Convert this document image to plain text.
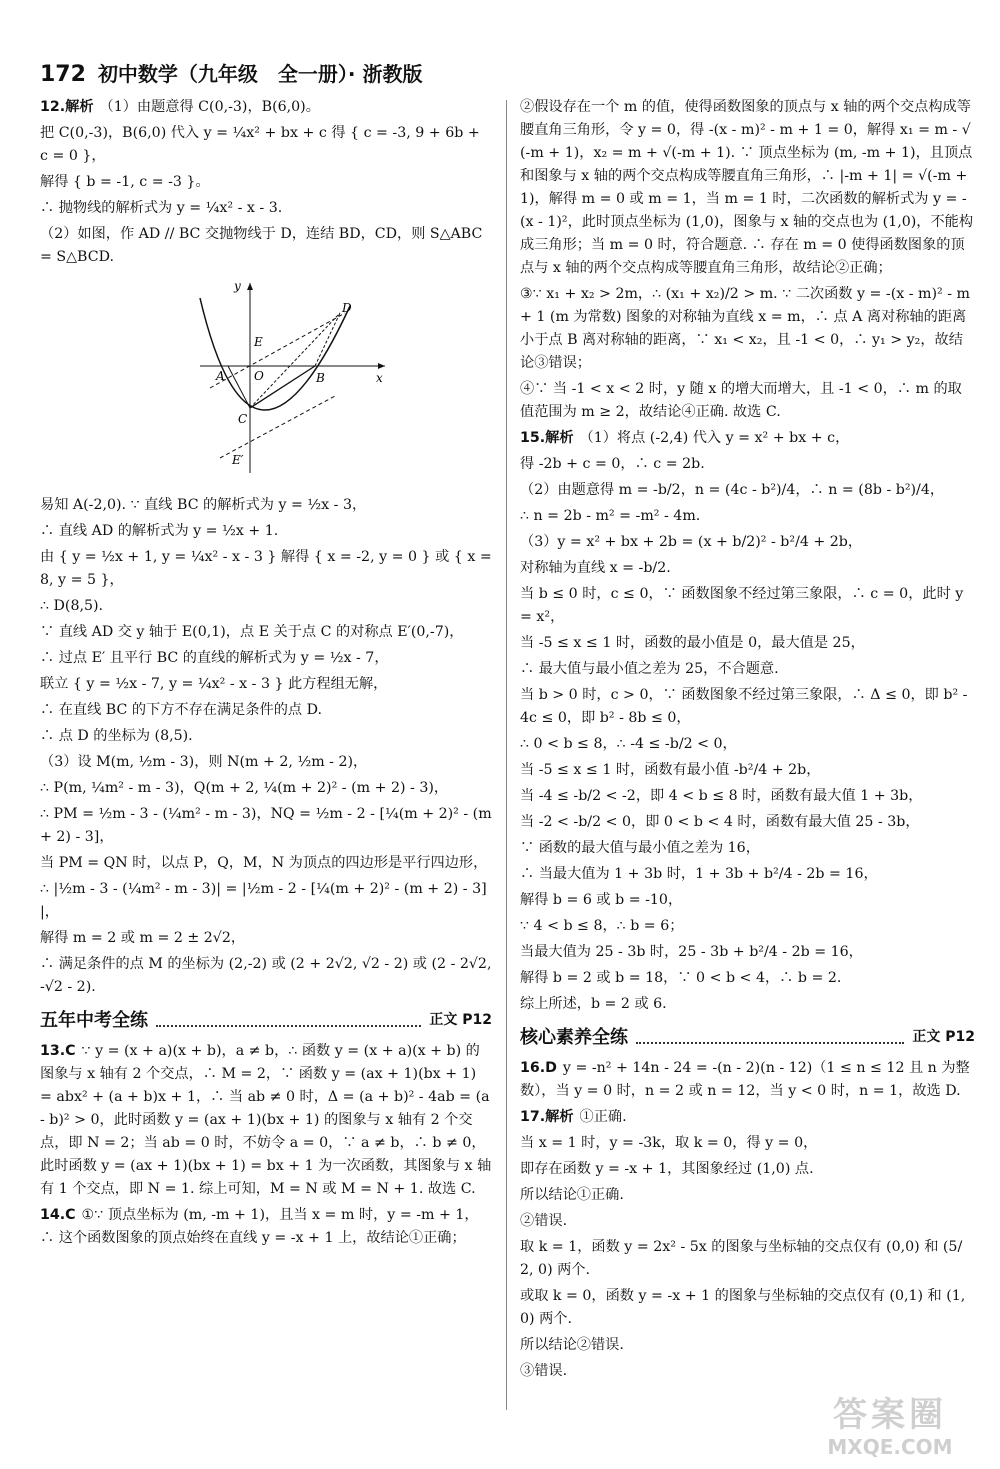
172 初中数学（九年级　全一册）· 浙教版

12.解析 （1）由题意得 C(0,-3)，B(6,0)。

把 C(0,-3)，B(6,0) 代入 y = ¼x² + bx + c 得 { c = -3, 9 + 6b + c = 0 }，

解得 { b = -1, c = -3 }。

∴ 抛物线的解析式为 y = ¼x² - x - 3.

（2）如图，作 AD // BC 交抛物线于 D，连结 BD，CD，则 S△ABC = S△BCD.

y
x
O
A	B
C
D
E
E′

易知 A(-2,0). ∵ 直线 BC 的解析式为 y = ½x - 3，

∴ 直线 AD 的解析式为 y = ½x + 1.

由 { y = ½x + 1, y = ¼x² - x - 3 } 解得 { x = -2, y = 0 } 或 { x = 8, y = 5 }，

∴ D(8,5).

∵ 直线 AD 交 y 轴于 E(0,1)，点 E 关于点 C 的对称点 E′(0,-7)，

∴ 过点 E′ 且平行 BC 的直线的解析式为 y = ½x - 7，

联立 { y = ½x - 7, y = ¼x² - x - 3 } 此方程组无解，

∴ 在直线 BC 的下方不存在满足条件的点 D.

∴ 点 D 的坐标为 (8,5).

（3）设 M(m, ½m - 3)，则 N(m + 2, ½m - 2)，

∴ P(m, ¼m² - m - 3)，Q(m + 2, ¼(m + 2)² - (m + 2) - 3)，

∴ PM = ½m - 3 - (¼m² - m - 3)，NQ = ½m - 2 - [¼(m + 2)² - (m + 2) - 3]，

当 PM = QN 时，以点 P，Q，M，N 为顶点的四边形是平行四边形，

∴ |½m - 3 - (¼m² - m - 3)| = |½m - 2 - [¼(m + 2)² - (m + 2) - 3]|，

解得 m = 2 或 m = 2 ± 2√2，

∴ 满足条件的点 M 的坐标为 (2,-2) 或 (2 + 2√2, √2 - 2) 或 (2 - 2√2, -√2 - 2).

五年中考全练	正文 P12

13.C ∵ y = (x + a)(x + b)，a ≠ b，∴ 函数 y = (x + a)(x + b) 的图象与 x 轴有 2 个交点，∴ M = 2，∵ 函数 y = (ax + 1)(bx + 1) = abx² + (a + b)x + 1，∴ 当 ab ≠ 0 时，Δ = (a + b)² - 4ab = (a - b)² > 0，此时函数 y = (ax + 1)(bx + 1) 的图象与 x 轴有 2 个交点，即 N = 2；当 ab = 0 时，不妨令 a = 0，∵ a ≠ b，∴ b ≠ 0，此时函数 y = (ax + 1)(bx + 1) = bx + 1 为一次函数，其图象与 x 轴有 1 个交点，即 N = 1. 综上可知，M = N 或 M = N + 1. 故选 C.

14.C ①∵ 顶点坐标为 (m, -m + 1)，且当 x = m 时，y = -m + 1，∴ 这个函数图象的顶点始终在直线 y = -x + 1 上，故结论①正确；

②假设存在一个 m 的值，使得函数图象的顶点与 x 轴的两个交点构成等腰直角三角形，令 y = 0，得 -(x - m)² - m + 1 = 0，解得 x₁ = m - √(-m + 1)，x₂ = m + √(-m + 1). ∵ 顶点坐标为 (m, -m + 1)，且顶点和图象与 x 轴的两个交点构成等腰直角三角形，∴ |-m + 1| = √(-m + 1)，解得 m = 0 或 m = 1，当 m = 1 时，二次函数的解析式为 y = -(x - 1)²，此时顶点坐标为 (1,0)，图象与 x 轴的交点也为 (1,0)，不能构成三角形；当 m = 0 时，符合题意. ∴ 存在 m = 0 使得函数图象的顶点与 x 轴的两个交点构成等腰直角三角形，故结论②正确；

③∵ x₁ + x₂ > 2m，∴ (x₁ + x₂)/2 > m. ∵ 二次函数 y = -(x - m)² - m + 1 (m 为常数) 图象的对称轴为直线 x = m，∴ 点 A 离对称轴的距离小于点 B 离对称轴的距离，∵ x₁ < x₂，且 -1 < 0，∴ y₁ > y₂，故结论③错误；

④∵ 当 -1 < x < 2 时，y 随 x 的增大而增大，且 -1 < 0，∴ m 的取值范围为 m ≥ 2，故结论④正确. 故选 C.

15.解析 （1）将点 (-2,4) 代入 y = x² + bx + c，

得 -2b + c = 0，∴ c = 2b.

（2）由题意得 m = -b/2，n = (4c - b²)/4，∴ n = (8b - b²)/4，

∴ n = 2b - m² = -m² - 4m.

（3）y = x² + bx + 2b = (x + b/2)² - b²/4 + 2b，

对称轴为直线 x = -b/2.

当 b ≤ 0 时，c ≤ 0，∵ 函数图象不经过第三象限，∴ c = 0，此时 y = x²，

当 -5 ≤ x ≤ 1 时，函数的最小值是 0，最大值是 25，

∴ 最大值与最小值之差为 25，不合题意.

当 b > 0 时，c > 0，∵ 函数图象不经过第三象限，∴ Δ ≤ 0，即 b² - 4c ≤ 0，即 b² - 8b ≤ 0，

∴ 0 < b ≤ 8，∴ -4 ≤ -b/2 < 0，

当 -5 ≤ x ≤ 1 时，函数有最小值 -b²/4 + 2b，

当 -4 ≤ -b/2 < -2，即 4 < b ≤ 8 时，函数有最大值 1 + 3b，

当 -2 < -b/2 < 0，即 0 < b < 4 时，函数有最大值 25 - 3b，

∵ 函数的最大值与最小值之差为 16，

∴ 当最大值为 1 + 3b 时，1 + 3b + b²/4 - 2b = 16，

解得 b = 6 或 b = -10，

∵ 4 < b ≤ 8，∴ b = 6；

当最大值为 25 - 3b 时，25 - 3b + b²/4 - 2b = 16，

解得 b = 2 或 b = 18，∵ 0 < b < 4，∴ b = 2.

综上所述，b = 2 或 6.

核心素养全练	正文 P12

16.D y = -n² + 14n - 24 = -(n - 2)(n - 12)（1 ≤ n ≤ 12 且 n 为整数），当 y = 0 时，n = 2 或 n = 12，当 y < 0 时，n = 1，故选 D.

17.解析 ①正确.

当 x = 1 时，y = -3k，取 k = 0，得 y = 0，

即存在函数 y = -x + 1，其图象经过 (1,0) 点.

所以结论①正确.

②错误.

取 k = 1，函数 y = 2x² - 5x 的图象与坐标轴的交点仅有 (0,0) 和 (5/2, 0) 两个.

或取 k = 0，函数 y = -x + 1 的图象与坐标轴的交点仅有 (0,1) 和 (1,0) 两个.

所以结论②错误.

③错误.

答案圈
MXQE.COM
